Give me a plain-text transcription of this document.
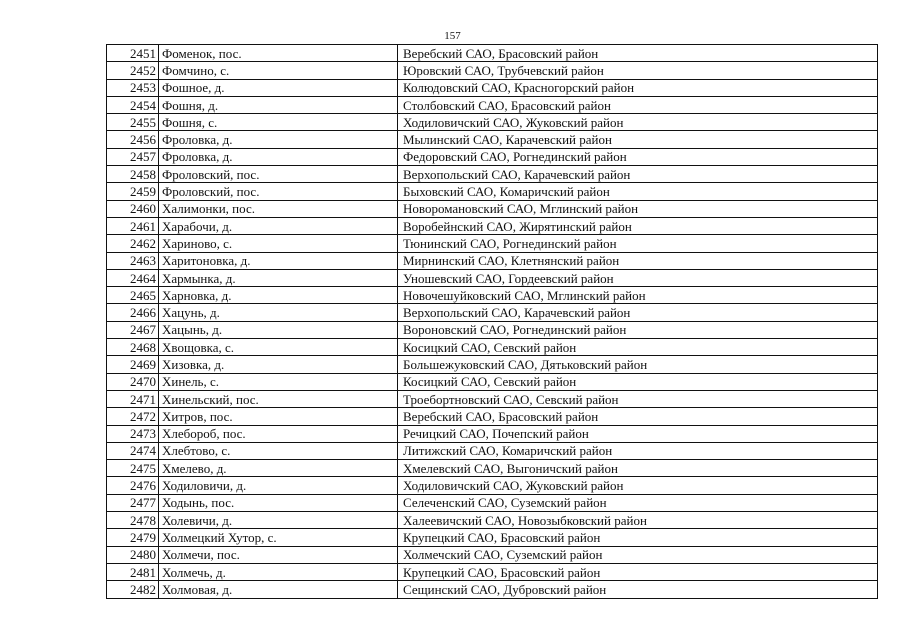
157
2451	Фоменок, пос.	Веребский САО, Брасовский район
2452	Фомчино, с.	Юровский САО, Трубчевский район
2453	Фошное, д.	Колюдовский САО, Красногорский район
2454	Фошня, д.	Столбовский САО, Брасовский район
2455	Фошня, с.	Ходиловичский САО, Жуковский район
2456	Фроловка, д.	Мылинский САО, Карачевский район
2457	Фроловка, д.	Федоровский САО, Рогнединский район
2458	Фроловский, пос.	Верхопольский САО, Карачевский район
2459	Фроловский, пос.	Быховский САО, Комаричский район
2460	Халимонки, пос.	Новоромановский САО, Мглинский район
2461	Харабочи, д.	Воробейнский САО, Жирятинский район
2462	Хариново, с.	Тюнинский САО, Рогнединский район
2463	Харитоновка, д.	Мирнинский САО, Клетнянский район
2464	Хармынка, д.	Уношевский САО, Гордеевский район
2465	Харновка, д.	Новочешуйковский САО, Мглинский район
2466	Хацунь, д.	Верхопольский САО, Карачевский район
2467	Хацынь, д.	Вороновский САО, Рогнединский район
2468	Хвощовка, с.	Косицкий САО, Севский район
2469	Хизовка, д.	Большежуковский САО, Дятьковский район
2470	Хинель, с.	Косицкий САО, Севский район
2471	Хинельский, пос.	Троебортновский САО, Севский район
2472	Хитров, пос.	Веребский САО, Брасовский район
2473	Хлебороб, пос.	Речицкий САО, Почепский район
2474	Хлебтово, с.	Литижский САО, Комаричский район
2475	Хмелево, д.	Хмелевский САО, Выгоничский район
2476	Ходиловичи, д.	Ходиловичский САО, Жуковский район
2477	Ходынь, пос.	Селеченский САО, Суземский район
2478	Холевичи, д.	Халеевичский САО, Новозыбковский район
2479	Холмецкий Хутор, с.	Крупецкий САО, Брасовский район
2480	Холмечи, пос.	Холмечский САО, Суземский район
2481	Холмечь, д.	Крупецкий САО, Брасовский район
2482	Холмовая, д.	Сещинский САО, Дубровский район
